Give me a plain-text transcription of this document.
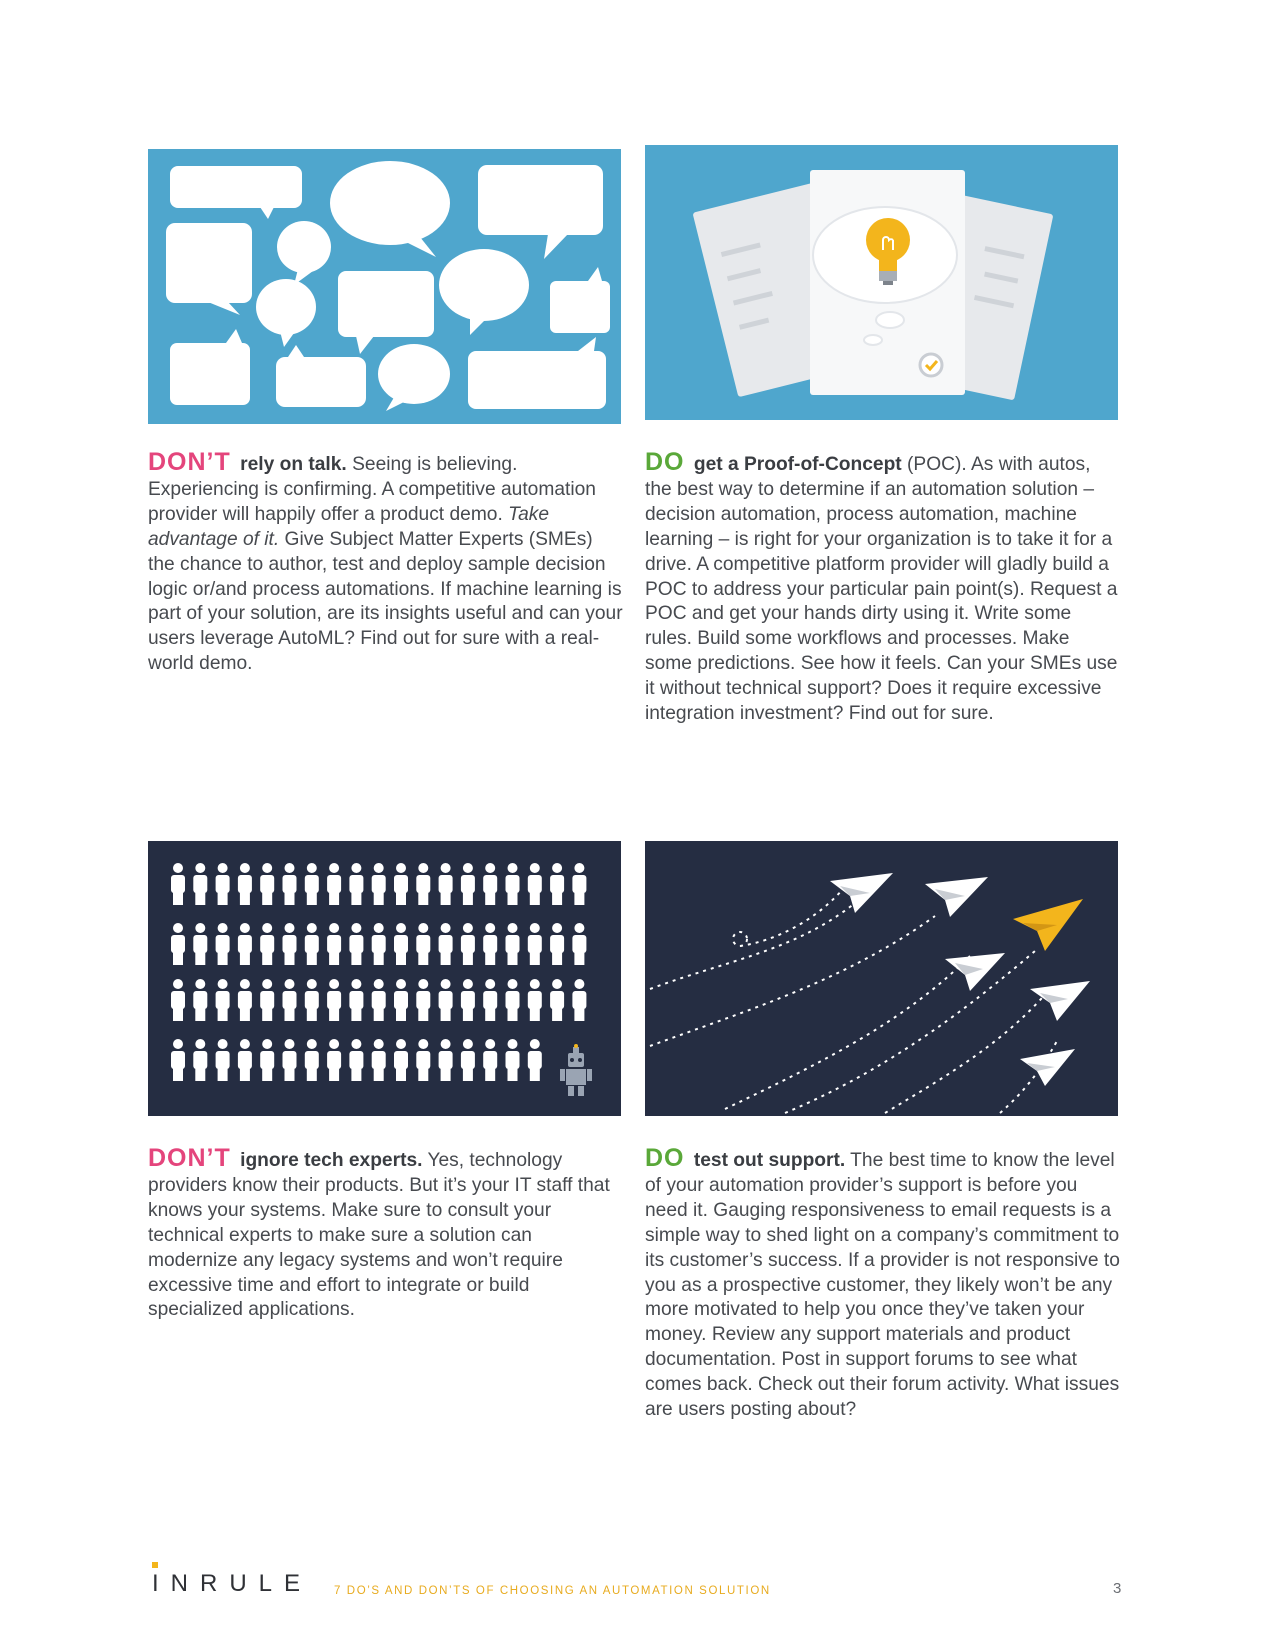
DON’T rely on talk. Seeing is believing. Experiencing is confirming. A competitive automation provider will happily offer a product demo. Take advantage of it. Give Subject Matter Experts (SMEs) the chance to author, test and deploy sample decision logic or/and process automations. If machine learning is part of your solution, are its insights useful and can your users leverage AutoML? Find out for sure with a real-world demo.

DO get a Proof-of-Concept (POC). As with autos, the best way to determine if an automation solution – decision automation, process automation, machine learning – is right for your organization is to take it for a drive. A competitive platform provider will gladly build a POC to address your particular pain point(s). Request a POC and get your hands dirty using it. Write some rules. Build some workflows and processes. Make some predictions. See how it feels. Can your SMEs use it without technical support? Does it require excessive integration investment? Find out for sure.

DON’T ignore tech experts. Yes, technology providers know their products. But it’s your IT staff that knows your systems. Make sure to consult your technical experts to make sure a solution can modernize any legacy systems and won’t require excessive time and effort to integrate or build specialized applications.

DO test out support. The best time to know the level of your automation provider’s support is before you need it. Gauging responsiveness to email requests is a simple way to shed light on a company’s commitment to its customer’s success. If a provider is not responsive to you as a prospective customer, they likely won’t be any more motivated to help you once they’ve taken your money. Review any support materials and product documentation. Post in support forums to see what comes back. Check out their forum activity. What issues are users posting about?

INRULE 7 DO’S AND DON’TS OF CHOOSING AN AUTOMATION SOLUTION	3
